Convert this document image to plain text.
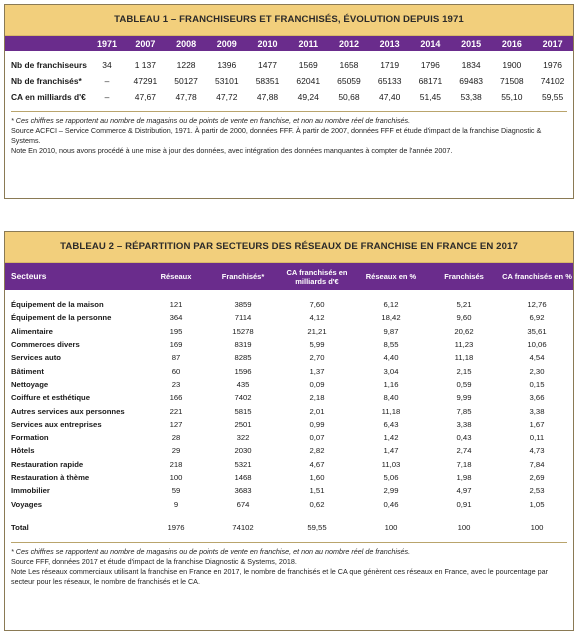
TABLEAU 1 – FRANCHISEURS ET FRANCHISÉS, ÉVOLUTION DEPUIS 1971
	1971	2007	2008	2009	2010	2011	2012	2013	2014	2015	2016	2017
Nb de franchiseurs	34	1 137	1228	1396	1477	1569	1658	1719	1796	1834	1900	1976
Nb de franchisés*	–	47291	50127	53101	58351	62041	65059	65133	68171	69483	71508	74102
CA en milliards d'€	–	47,67	47,78	47,72	47,88	49,24	50,68	47,40	51,45	53,38	55,10	59,55
* Ces chiffres se rapportent au nombre de magasins ou de points de vente en franchise, et non au nombre réel de franchisés.
Source ACFCI – Service Commerce & Distribution, 1971. À partir de 2000, données FFF. À partir de 2007, données FFF et étude d'impact de la franchise Diagnostic & Systems.
Note En 2010, nous avons procédé à une mise à jour des données, avec intégration des données manquantes à compter de l'année 2007.
TABLEAU 2 – RÉPARTITION PAR SECTEURS DES RÉSEAUX DE FRANCHISE EN FRANCE EN 2017
Secteurs	Réseaux	Franchisés*	CA franchisés en milliards d'€	Réseaux en %	Franchisés	CA franchisés en %

Équipement de la maison	121	3859	7,60	6,12	5,21	12,76
Équipement de la personne	364	7114	4,12	18,42	9,60	6,92
Alimentaire	195	15278	21,21	9,87	20,62	35,61
Commerces divers	169	8319	5,99	8,55	11,23	10,06
Services auto	87	8285	2,70	4,40	11,18	4,54
Bâtiment	60	1596	1,37	3,04	2,15	2,30
Nettoyage	23	435	0,09	1,16	0,59	0,15
Coiffure et esthétique	166	7402	2,18	8,40	9,99	3,66
Autres services aux personnes	221	5815	2,01	11,18	7,85	3,38
Services aux entreprises	127	2501	0,99	6,43	3,38	1,67
Formation	28	322	0,07	1,42	0,43	0,11
Hôtels	29	2030	2,82	1,47	2,74	4,73
Restauration rapide	218	5321	4,67	11,03	7,18	7,84
Restauration à thème	100	1468	1,60	5,06	1,98	2,69
Immobilier	59	3683	1,51	2,99	4,97	2,53
Voyages	9	674	0,62	0,46	0,91	1,05

Total	1976	74102	59,55	100	100	100
* Ces chiffres se rapportent au nombre de magasins ou de points de vente en franchise, et non au nombre réel de franchisés.
Source FFF, données 2017 et étude d'impact de la franchise Diagnostic & Systems, 2018.
Note Les réseaux commerciaux utilisant la franchise en France en 2017, le nombre de franchisés et le CA que génèrent ces réseaux en France, avec le pourcentage par secteur pour les réseaux, le nombre de franchisés et le CA.
